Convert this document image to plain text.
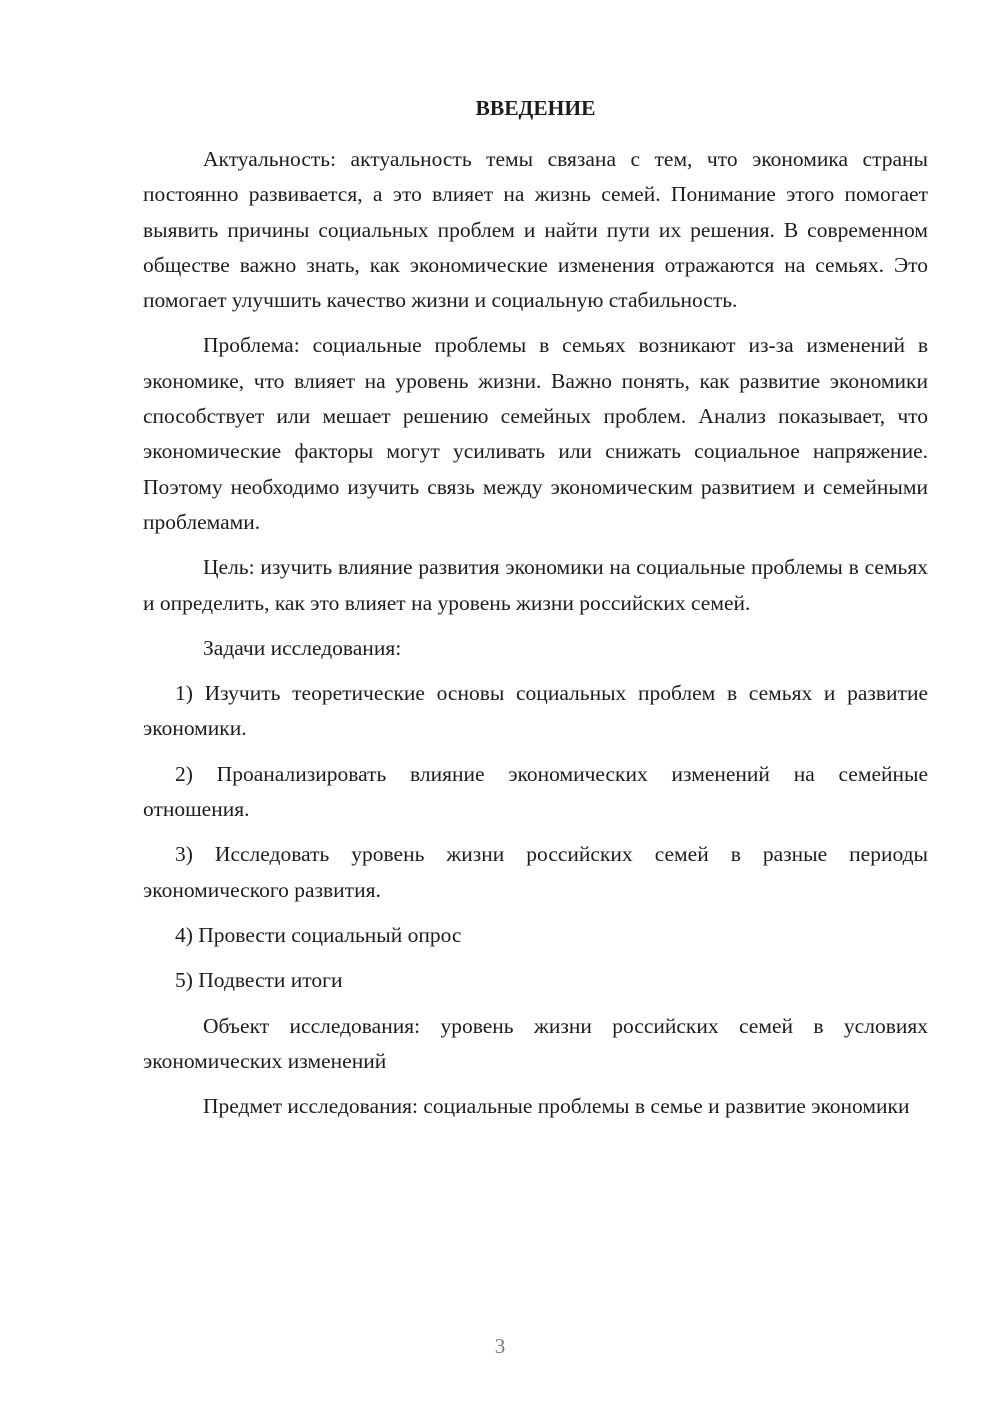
ВВЕДЕНИЕ

Актуальность: актуальность темы связана с тем, что экономика страны постоянно развивается, а это влияет на жизнь семей. Понимание этого помогает выявить причины социальных проблем и найти пути их решения. В современном обществе важно знать, как экономические изменения отражаются на семьях. Это помогает улучшить качество жизни и социальную стабильность.

Проблема: социальные проблемы в семьях возникают из-за изменений в экономике, что влияет на уровень жизни. Важно понять, как развитие экономики способствует или мешает решению семейных проблем. Анализ показывает, что экономические факторы могут усиливать или снижать социальное напряжение. Поэтому необходимо изучить связь между экономическим развитием и семейными проблемами.

Цель: изучить влияние развития экономики на социальные проблемы в семьях и определить, как это влияет на уровень жизни российских семей.

Задачи исследования:

1) Изучить теоретические основы социальных проблем в семьях и развитие экономики.

2) Проанализировать влияние экономических изменений на семейные отношения.

3) Исследовать уровень жизни российских семей в разные периоды экономического развития.

4) Провести социальный опрос

5) Подвести итоги

Объект исследования: уровень жизни российских семей в условиях экономических изменений

Предмет исследования: социальные проблемы в семье и развитие экономики

3
